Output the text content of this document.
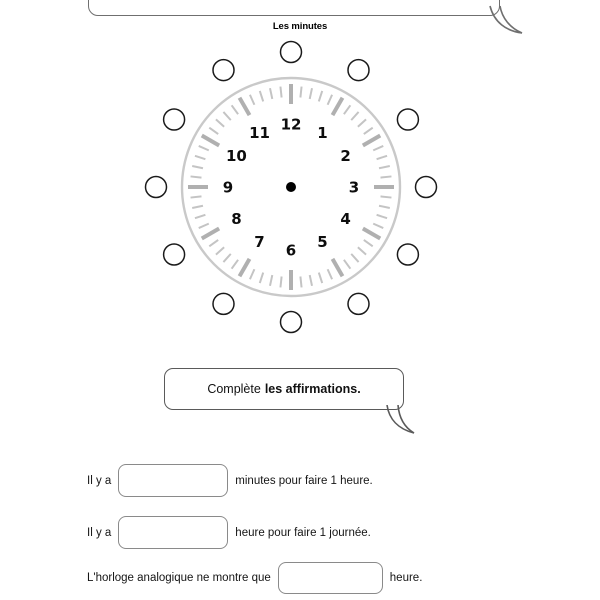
Les minutes
12 1
2
3
4
5
6
7
8
9
10
11
Complète les affirmations.
Il y a	minutes pour faire 1 heure.
Il y a	heure pour faire 1 journée.
L'horloge analogique ne montre que	heure.
